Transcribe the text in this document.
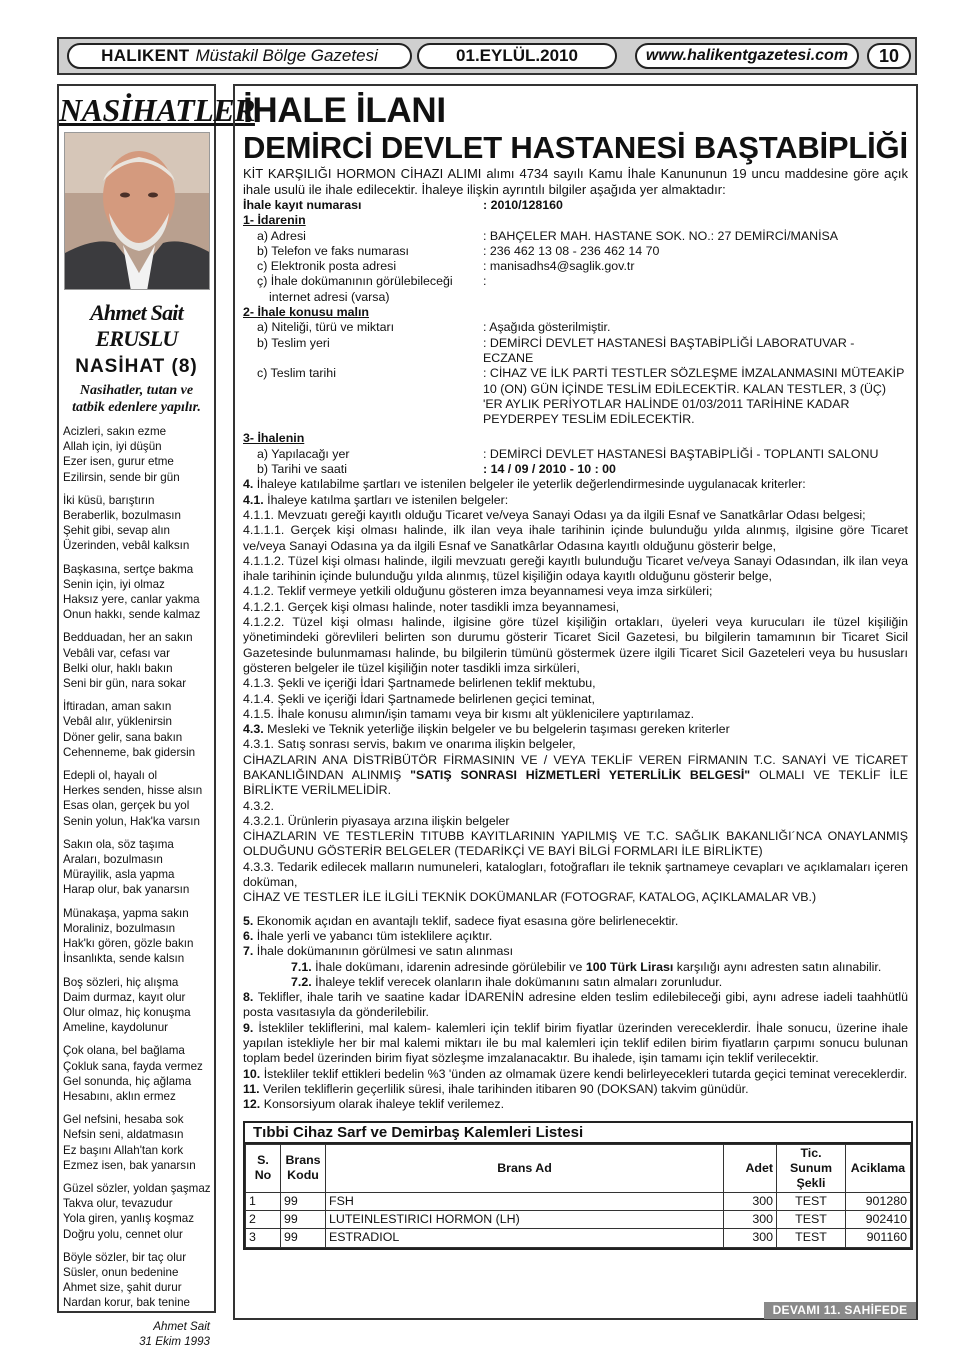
HALIKENT Müstakil Bölge Gazetesi	01.EYLÜL.2010	www.halikentgazetesi.com	10
NASİHATLER
Ahmet Sait ERUSLU
NASİHAT (8)
Nasihatler, tutan ve
tatbik edenlere yapılır.
Acizleri, sakın ezme
Allah için, iyi düşün
Ezer isen, gurur etme
Ezilirsin, sende bir gün
İki küsü, barıştırın
Beraberlik, bozulmasın
Şehit gibi, sevap alın
Üzerinden, vebâl kalksın
Başkasına, sertçe bakma
Senin için, iyi olmaz
Haksız yere, canlar yakma
Onun hakkı, sende kalmaz
Bedduadan, her an sakın
Vebâli var, cefası var
Belki olur, haklı bakın
Seni bir gün, nara sokar
İftiradan, aman sakın
Vebâl alır, yüklenirsin
Döner gelir, sana bakın
Cehenneme, bak gidersin
Edepli ol, hayalı ol
Herkes senden, hisse alsın
Esas olan, gerçek bu yol
Senin yolun, Hak'ka varsın
Sakın ola, söz taşıma
Araları, bozulmasın
Mürayilik, asla yapma
Harap olur, bak yanarsın
Münakaşa, yapma sakın
Moraliniz, bozulmasın
Hak'kı gören, gözle bakın
İnsanlıkta, sende kalsın
Boş sözleri, hiç alışma
Daim durmaz, kayıt olur
Olur olmaz, hiç konuşma
Ameline, kaydolunur
Çok olana, bel bağlama
Çokluk sana, fayda vermez
Gel sonunda, hiç ağlama
Hesabını, aklın ermez
Gel nefsini, hesaba sok
Nefsin seni, aldatmasın
Ez başını Allah'tan kork
Ezmez isen, bak yanarsın
Güzel sözler, yoldan şaşmaz
Takva olur, tevazudur
Yola giren, yanlış koşmaz
Doğru yolu, cennet olur
Böyle sözler, bir taç olur
Süsler, onun bedenine
Ahmet size, şahit durur
Nardan korur, bak tenine
Ahmet Sait
31 Ekim 1993
İHALE İLANI
DEMİRCİ DEVLET HASTANESİ BAŞTABİPLİĞİ

KİT KARŞILIĞI HORMON CİHAZI ALIMI alımı 4734 sayılı Kamu İhale Kanununun 19 uncu maddesine göre açık ihale usulü ile ihale edilecektir. İhaleye ilişkin ayrıntılı bilgiler aşağıda yer almaktadır:

İhale kayıt numarası	: 2010/128160
1- İdarenin
a) Adresi	: BAHÇELER MAH. HASTANE SOK. NO.: 27 DEMİRCİ/MANİSA
b) Telefon ve faks numarası	: 236 462 13 08 - 236 462 14 70
c) Elektronik posta adresi	: manisadhs4@saglik.gov.tr
ç) İhale dokümanının görülebileceği	:
internet adresi (varsa)
2- İhale konusu malın
a) Niteliği, türü ve miktarı	: Aşağıda gösterilmiştir.
b) Teslim yeri	: DEMİRCİ DEVLET HASTANESİ BAŞTABİPLİĞİ LABORATUVAR - ECZANE
c) Teslim tarihi	: CİHAZ VE İLK PARTİ TESTLER SÖZLEŞME İMZALANMASINI MÜTEAKİP 10 (ON) GÜN İÇİNDE TESLİM EDİLECEKTİR. KALAN TESTLER, 3 (ÜÇ) 'ER AYLIK PERİYOTLAR HALİNDE 01/03/2011 TARİHİNE KADAR PEYDERPEY TESLİM EDİLECEKTİR.
3- İhalenin
a) Yapılacağı yer	: DEMİRCİ DEVLET HASTANESİ BAŞTABİPLİĞİ - TOPLANTI SALONU
b) Tarihi ve saati	: 14 / 09 / 2010 - 10 : 00

4. İhaleye katılabilme şartları ve istenilen belgeler ile yeterlik değerlendirmesinde uygulanacak kriterler:

4.1. İhaleye katılma şartları ve istenilen belgeler:

4.1.1. Mevzuatı gereği kayıtlı olduğu Ticaret ve/veya Sanayi Odası ya da ilgili Esnaf ve Sanatkârlar Odası belgesi;

4.1.1.1. Gerçek kişi olması halinde, ilk ilan veya ihale tarihinin içinde bulunduğu yılda alınmış, ilgisine göre Ticaret ve/veya Sanayi Odasına ya da ilgili Esnaf ve Sanatkârlar Odasına kayıtlı olduğunu gösterir belge,

4.1.1.2. Tüzel kişi olması halinde, ilgili mevzuatı gereği kayıtlı bulunduğu Ticaret ve/veya Sanayi Odasından, ilk ilan veya ihale tarihinin içinde bulunduğu yılda alınmış, tüzel kişiliğin odaya kayıtlı olduğunu gösterir belge,

4.1.2. Teklif vermeye yetkili olduğunu gösteren imza beyannamesi veya imza sirküleri;

4.1.2.1. Gerçek kişi olması halinde, noter tasdikli imza beyannamesi,

4.1.2.2. Tüzel kişi olması halinde, ilgisine göre tüzel kişiliğin ortakları, üyeleri veya kurucuları ile tüzel kişiliğin yönetimindeki görevlileri belirten son durumu gösterir Ticaret Sicil Gazetesi, bu bilgilerin tamamının bir Ticaret Sicil Gazetesinde bulunmaması halinde, bu bilgilerin tümünü göstermek üzere ilgili Ticaret Sicil Gazeteleri veya bu hususları gösteren belgeler ile tüzel kişiliğin noter tasdikli imza sirküleri,

4.1.3. Şekli ve içeriği İdari Şartnamede belirlenen teklif mektubu,

4.1.4. Şekli ve içeriği İdari Şartnamede belirlenen geçici teminat,

4.1.5. İhale konusu alımın/işin tamamı veya bir kısmı alt yüklenicilere yaptırılamaz.

4.3. Mesleki ve Teknik yeterliğe ilişkin belgeler ve bu belgelerin taşıması gereken kriterler

4.3.1. Satış sonrası servis, bakım ve onarıma ilişkin belgeler,

CİHAZLARIN ANA DİSTRİBÜTÖR FİRMASININ VE / VEYA TEKLİF VEREN FİRMANIN T.C. SANAYİ VE TİCARET BAKANLIĞINDAN ALINMIŞ "SATIŞ SONRASI HİZMETLERİ YETERLİLİK BELGESİ" OLMALI VE TEKLİF İLE BİRLİKTE VERİLMELİDİR.

4.3.2.

4.3.2.1. Ürünlerin piyasaya arzına ilişkin belgeler

CİHAZLARIN VE TESTLERİN TITUBB KAYITLARININ YAPILMIŞ VE T.C. SAĞLIK BAKANLIĞI´NCA ONAYLANMIŞ OLDUĞUNU GÖSTERİR BELGELER (TEDARİKÇİ VE BAYİ BİLGİ FORMLARI İLE BİRLİKTE)

4.3.3. Tedarik edilecek malların numuneleri, katalogları, fotoğrafları ile teknik şartnameye cevapları ve açıklamaları içeren doküman,

CİHAZ VE TESTLER İLE İLGİLİ TEKNİK DOKÜMANLAR (FOTOGRAF, KATALOG, AÇIKLAMALAR VB.)

5. Ekonomik açıdan en avantajlı teklif, sadece fiyat esasına göre belirlenecektir.

6. İhale yerli ve yabancı tüm isteklilere açıktır.

7. İhale dokümanının görülmesi ve satın alınması

7.1. İhale dokümanı, idarenin adresinde görülebilir ve 100 Türk Lirası karşılığı aynı adresten satın alınabilir.

7.2. İhaleye teklif verecek olanların ihale dokümanını satın almaları zorunludur.

8. Teklifler, ihale tarih ve saatine kadar İDARENİN adresine elden teslim edilebileceği gibi, aynı adrese iadeli taahhütlü posta vasıtasıyla da gönderilebilir.

9. İstekliler tekliflerini, mal kalem- kalemleri için teklif birim fiyatlar üzerinden vereceklerdir. İhale sonucu, üzerine ihale yapılan istekliyle her bir mal kalemi miktarı ile bu mal kalemleri için teklif edilen birim fiyatların çarpımı sonucu bulunan toplam bedel üzerinden birim fiyat sözleşme imzalanacaktır. Bu ihalede, işin tamamı için teklif verilecektir.

10. İstekliler teklif ettikleri bedelin %3 'ünden az olmamak üzere kendi belirleyecekleri tutarda geçici teminat vereceklerdir.

11. Verilen tekliflerin geçerlilik süresi, ihale tarihinden itibaren 90 (DOKSAN) takvim günüdür.

12. Konsorsiyum olarak ihaleye teklif verilemez.

Tıbbi Cihaz Sarf ve Demirbaş Kalemleri Listesi
S. No	Brans Kodu	Brans Ad	Adet	Tic. Sunum Şekli	Aciklama
1	99	FSH	300	TEST	901280
2	99	LUTEINLESTIRICI HORMON (LH)	300	TEST	902410
3	99	ESTRADIOL	300	TEST	901160
DEVAMI 11. SAHİFEDE
